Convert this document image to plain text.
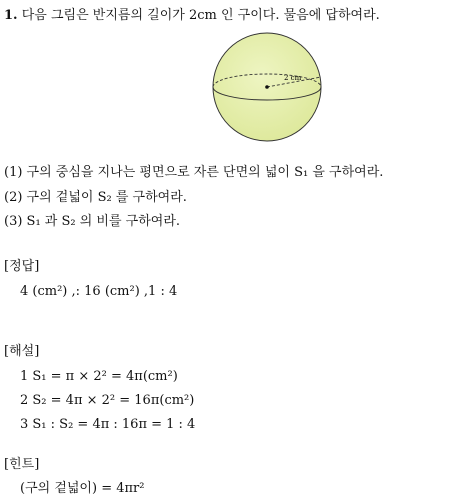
1. 다음 그림은 반지름의 길이가 2cm 인 구이다. 물음에 답하여라.
2 cm
(1) 구의 중심을 지나는 평면으로 자른 단면의 넓이 S₁ 을 구하여라.
(2) 구의 겉넓이 S₂ 를 구하여라.
(3) S₁ 과 S₂ 의 비를 구하여라.
[정답]
4 (cm²) ,: 16 (cm²) ,1 : 4
[해설]
1 S₁ = π × 2² = 4π(cm²)
2 S₂ = 4π × 2² = 16π(cm²)
3 S₁ : S₂ = 4π : 16π = 1 : 4
[힌트]
(구의 겉넓이) = 4πr²
